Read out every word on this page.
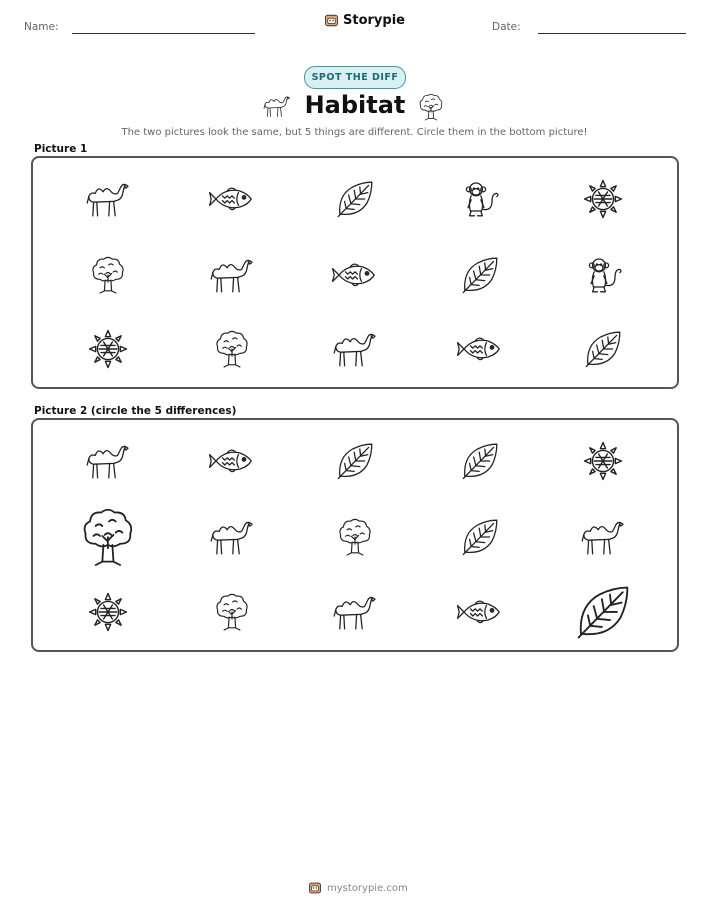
Name:	Storypie	Date:
SPOT THE DIFF
Habitat
The two pictures look the same, but 5 things are different. Circle them in the bottom picture!
Picture 1
Picture 2 (circle the 5 differences)
mystorypie.com
